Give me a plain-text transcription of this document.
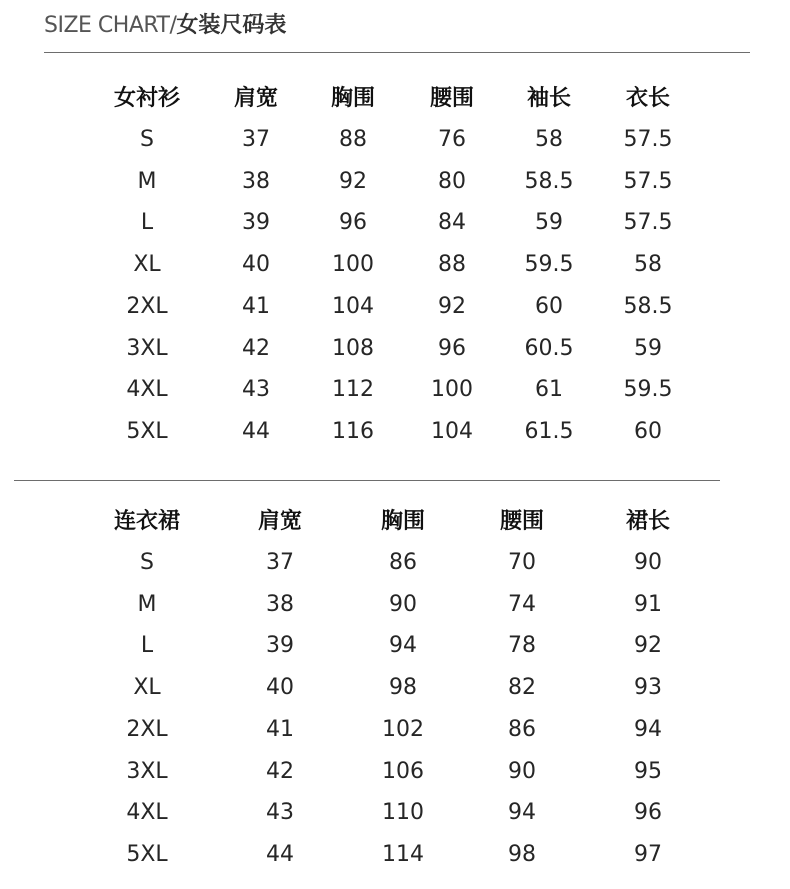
SIZE CHART/女装尺码表
女衬衫 肩宽 胸围 腰围 袖长 衣长
S	37	88	76	58	57.5
M	38	92	80	58.5 57.5
L	39	96	84	59	57.5
XL	40	100	88	59.5	58
2XL	41	104	92	60	58.5
3XL	42	108	96	60.5	59
4XL	43	112	100	61	59.5
5XL	44	116	104 61.5	60
连衣裙	肩宽	胸围	腰围	裙长
S	37	86	70	90
M	38	90	74	91
L	39	94	78	92
XL	40	98	82	93
2XL	41	102	86	94
3XL	42	106	90	95
4XL	43	110	94	96
5XL	44	114	98	97
